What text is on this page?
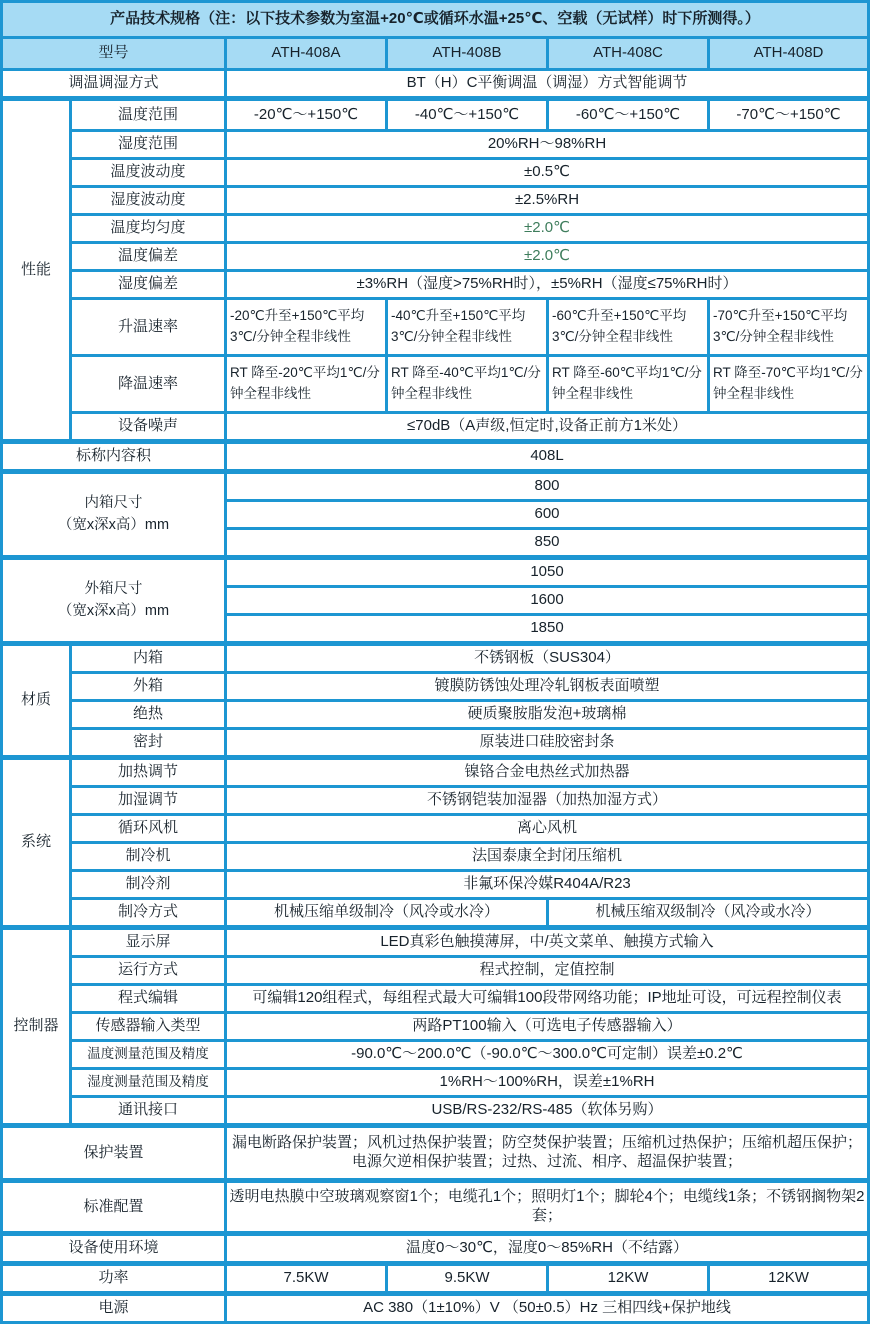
产品技术规格（注：以下技术参数为室温+20℃或循环水温+25℃、空载（无试样）时下所测得。）					
型号		ATH-408A	ATH-408B	ATH-408C	ATH-408D
调温调湿方式		BT（H）C平衡调温（调湿）方式智能调节			
性能	温度范围	-20℃～+150℃	-40℃～+150℃	-60℃～+150℃	-70℃～+150℃
	湿度范围	20%RH～98%RH			
	温度波动度	±0.5℃			
	湿度波动度	±2.5%RH			
	温度均匀度	±2.0℃			
	温度偏差	±2.0℃			
	湿度偏差	±3%RH（湿度>75%RH时），±5%RH（湿度≤75%RH时）			
	升温速率	-20℃升至+150℃平均3℃/分钟全程非线性	-40℃升至+150℃平均3℃/分钟全程非线性	-60℃升至+150℃平均3℃/分钟全程非线性	-70℃升至+150℃平均3℃/分钟全程非线性
	降温速率	RT 降至-20℃平均1℃/分钟全程非线性	RT 降至-40℃平均1℃/分钟全程非线性	RT 降至-60℃平均1℃/分钟全程非线性	RT 降至-70℃平均1℃/分钟全程非线性
	设备噪声	≤70dB（A声级,恒定时,设备正前方1米处）			
标称内容积		408L			

内箱尺寸
（宽x深x高）mm		800			
		600			
		850			

外箱尺寸
（宽x深x高）mm		1050			
		1600			
		1850			
材质	内箱	不锈钢板（SUS304）			
	外箱	镀膜防锈蚀处理冷轧钢板表面喷塑			
	绝热	硬质聚胺脂发泡+玻璃棉			
	密封	原装进口硅胶密封条			
系统	加热调节	镍铬合金电热丝式加热器			
	加湿调节	不锈钢铠装加湿器（加热加湿方式）			
	循环风机	离心风机			
	制冷机	法国泰康全封闭压缩机			
	制冷剂	非氟环保冷媒R404A/R23			
	制冷方式	机械压缩单级制冷（风冷或水冷）		机械压缩双级制冷（风冷或水冷）	
控制器	显示屏	LED真彩色触摸薄屏，中/英文菜单、触摸方式输入			
	运行方式	程式控制，定值控制			
	程式编辑	可编辑120组程式，每组程式最大可编辑100段带网络功能；IP地址可设，可远程控制仪表			
	传感器输入类型	两路PT100输入（可选电子传感器输入）			
	温度测量范围及精度	-90.0℃～200.0℃（-90.0℃～300.0℃可定制）误差±0.2℃			
	湿度测量范围及精度	1%RH～100%RH，误差±1%RH			
	通讯接口	USB/RS-232/RS-485（软体另购）			
保护装置		漏电断路保护装置；风机过热保护装置；防空焚保护装置；压缩机过热保护；压缩机超压保护；电源欠逆相保护装置；过热、过流、相序、超温保护装置；			
标准配置		透明电热膜中空玻璃观察窗1个；电缆孔1个；照明灯1个；脚轮4个；电缆线1条；不锈钢搁物架2套；			
设备使用环境		温度0～30℃，湿度0～85%RH（不结露）			
功率		7.5KW	9.5KW	12KW	12KW
电源		AC 380（1±10%）V （50±0.5）Hz 三相四线+保护地线			
